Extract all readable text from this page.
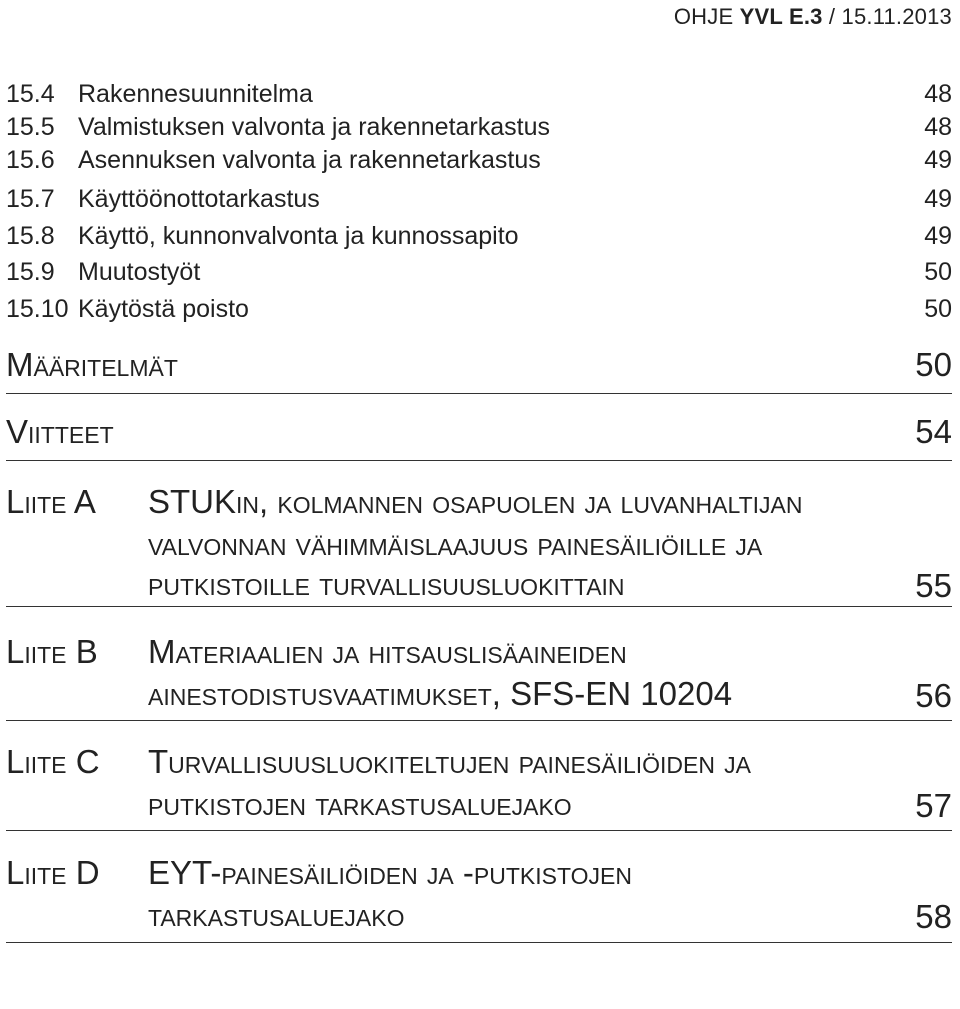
OHJE YVL E.3 / 15.11.2013
15.4 Rakennesuunnitelma	48
15.5 Valmistuksen valvonta ja rakennetarkastus	48
15.6 Asennuksen valvonta ja rakennetarkastus	49
15.7 Käyttöönottotarkastus	49
15.8 Käyttö, kunnonvalvonta ja kunnossapito	49
15.9 Muutostyöt	50
15.10 Käytöstä poisto	50
Määritelmät	50
Viitteet	54
Liite A STUKin, kolmannen osapuolen ja luvanhaltijan
valvonnan vähimmäislaajuus painesäiliöille ja
putkistoille turvallisuusluokittain	55
Liite B Materiaalien ja hitsauslisäaineiden
ainestodistusvaatimukset, SFS-EN 10204	56
Liite C Turvallisuusluokiteltujen painesäiliöiden ja
putkistojen tarkastusaluejako	57
Liite D EYT-painesäiliöiden ja -putkistojen
tarkastusaluejako	58
